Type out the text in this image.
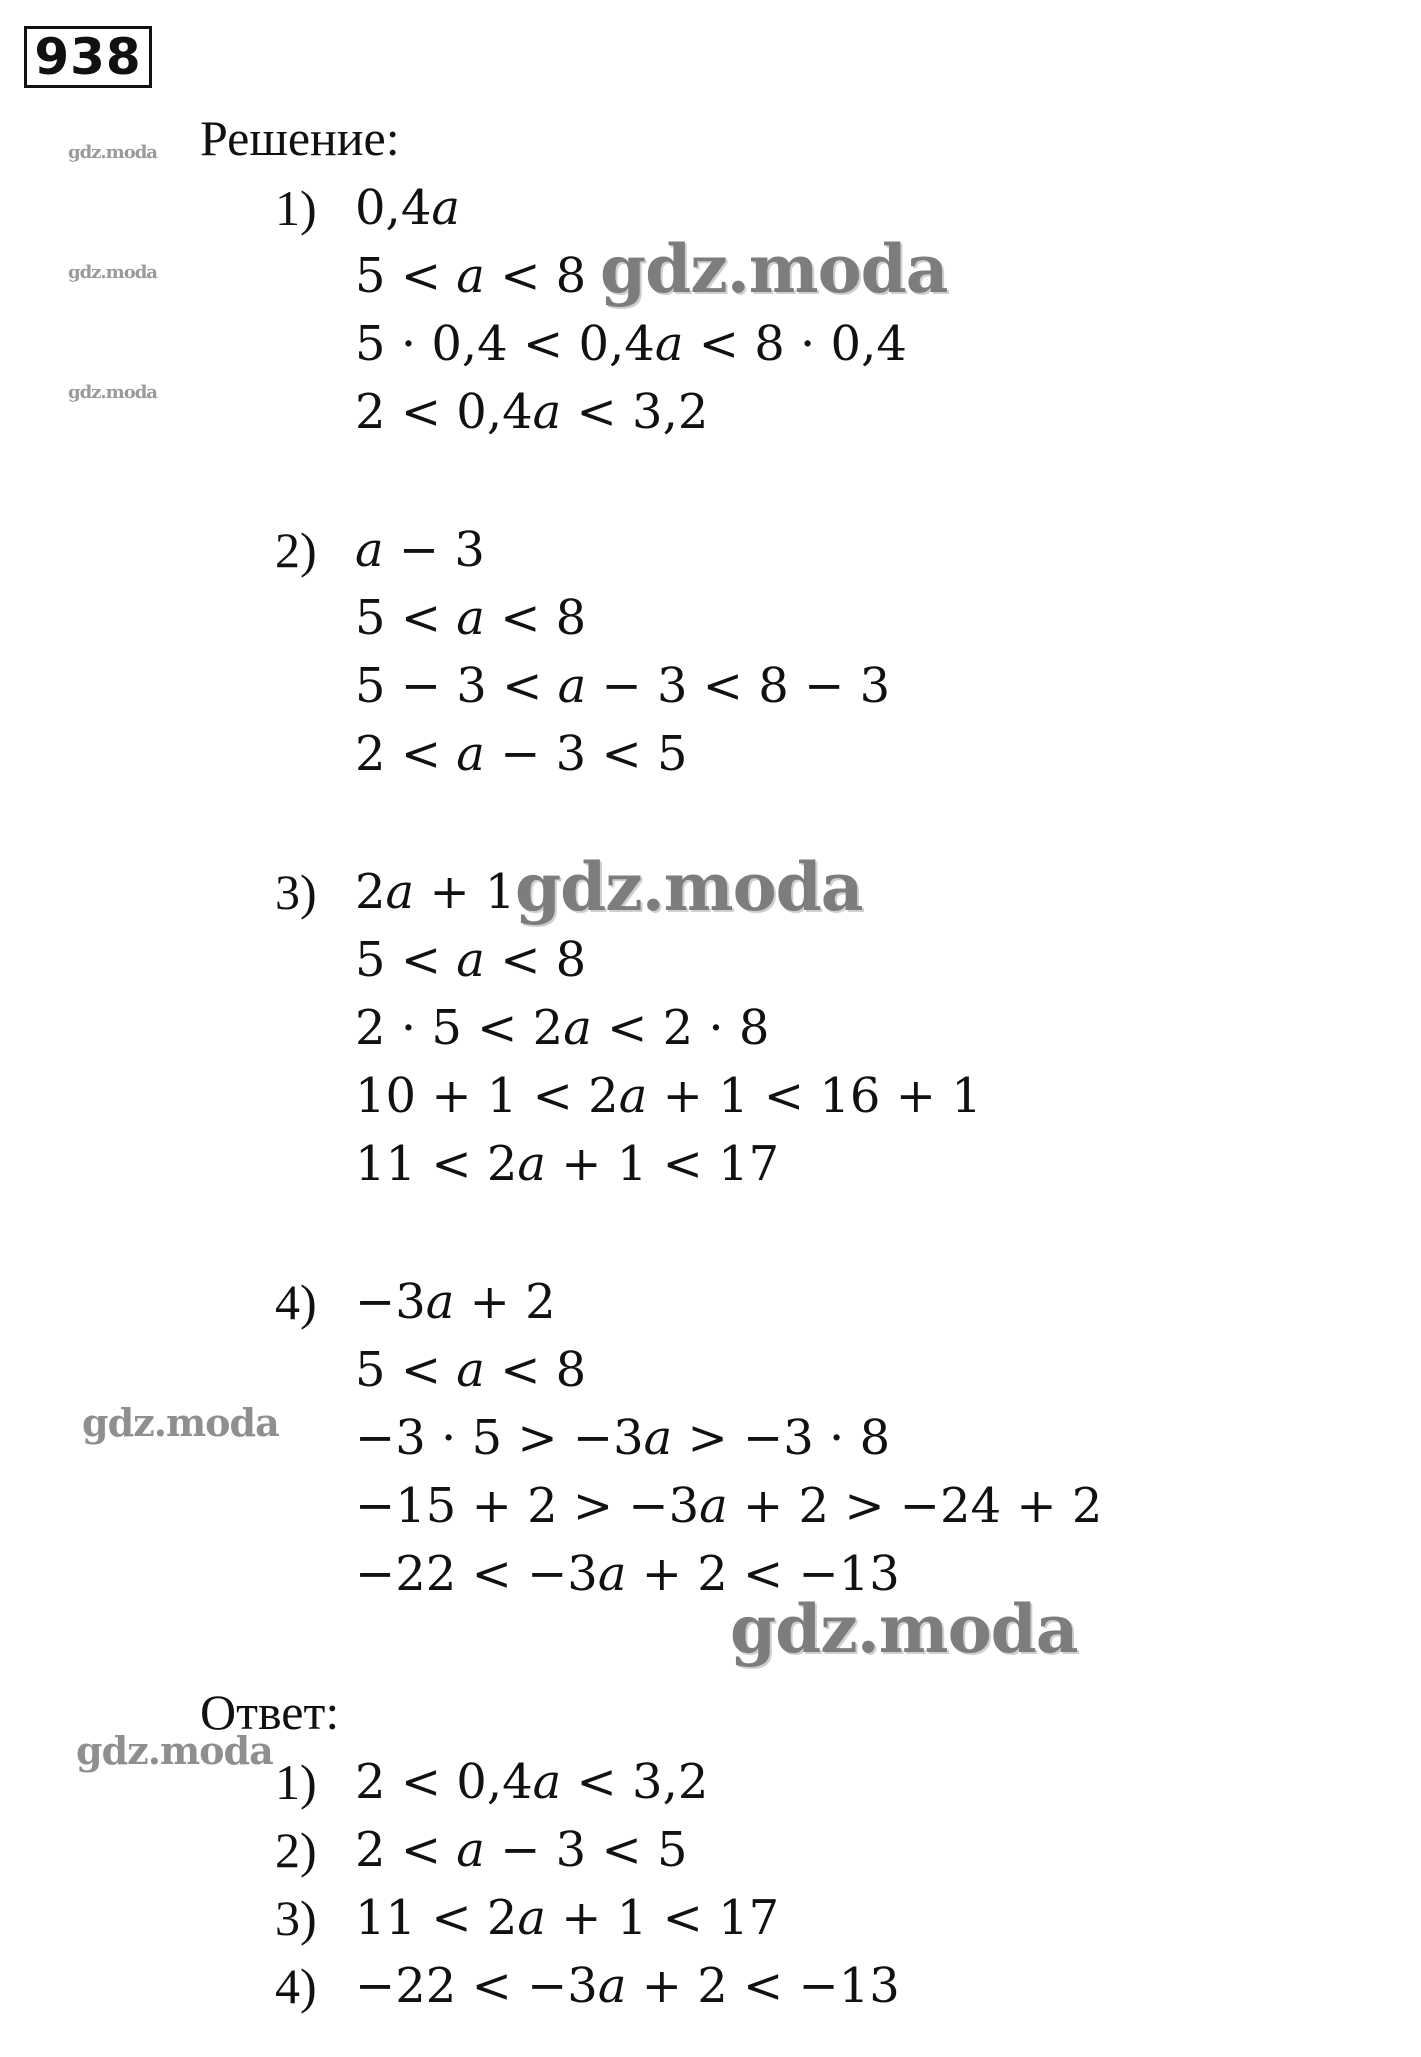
938
Решение:
1) 0,4a
5 < a < 8
5 · 0,4 < 0,4a < 8 · 0,4
2 < 0,4a < 3,2
2) a − 3
5 < a < 8
5 − 3 < a − 3 < 8 − 3
2 < a − 3 < 5
3) 2a + 1
5 < a < 8
2 · 5 < 2a < 2 · 8
10 + 1 < 2a + 1 < 16 + 1
11 < 2a + 1 < 17
4) −3a + 2
5 < a < 8
−3 · 5 > −3a > −3 · 8
−15 + 2 > −3a + 2 > −24 + 2
−22 < −3a + 2 < −13
Ответ:
1) 2 < 0,4a < 3,2
2) 2 < a − 3 < 5
3) 11 < 2a + 1 < 17
4) −22 < −3a + 2 < −13
gdz.moda
gdz.moda
gdz.moda
gdz.moda
gdz.moda
gdz.moda
gdz.moda
gdz.moda
